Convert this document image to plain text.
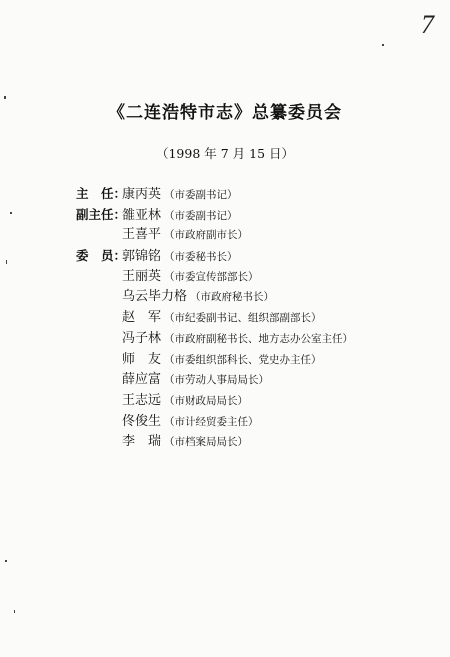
7
《二连浩特市志》总纂委员会
（1998 年 7 月 15 日）
主　任：
康丙英 （市委副书记）
副主任：
雒亚林 （市委副书记）
王喜平 （市政府副市长）
委　员：
郭锦铭 （市委秘书长）
王丽英 （市委宣传部部长）
乌云毕力格 （市政府秘书长）
赵　军 （市纪委副书记、组织部副部长）
冯子林 （市政府副秘书长、地方志办公室主任）
师　友 （市委组织部科长、党史办主任）
薛应富 （市劳动人事局局长）
王志远 （市财政局局长）
佟俊生 （市计经贸委主任）
李　瑞 （市档案局局长）
